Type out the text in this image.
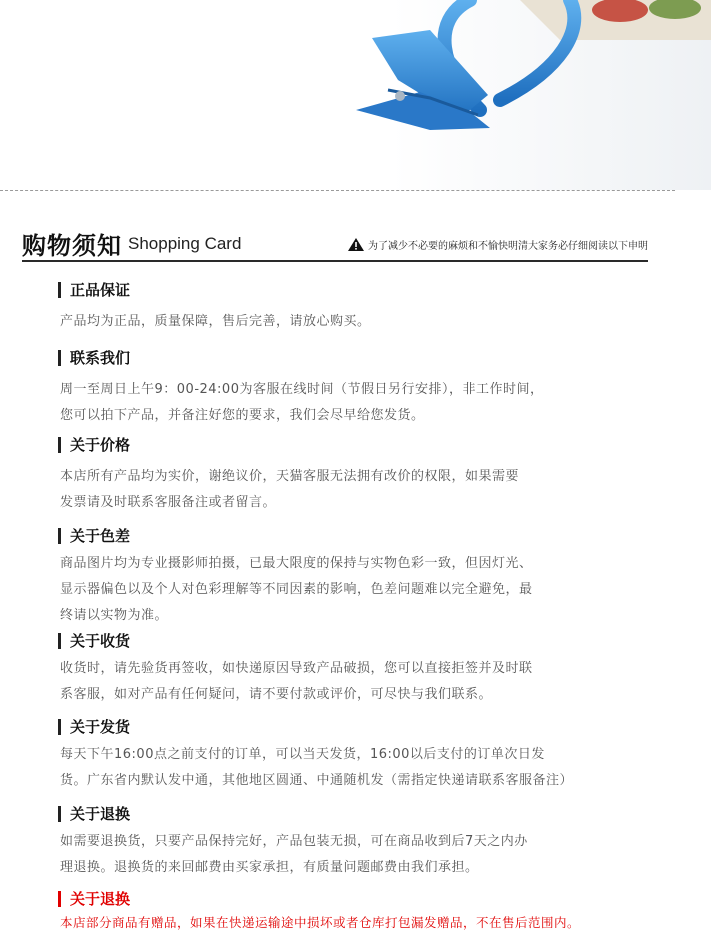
购物须知 Shopping Card	为了减少不必要的麻烦和不愉快明清大家务必仔细阅读以下申明
正品保证

产品均为正品，质量保障，售后完善，请放心购买。

联系我们

周一至周日上午9：00-24:00为客服在线时间（节假日另行安排），非工作时间，

您可以拍下产品，并备注好您的要求，我们会尽早给您发货。

关于价格

本店所有产品均为实价，谢绝议价，天猫客服无法拥有改价的权限，如果需要

发票请及时联系客服备注或者留言。

关于色差

商品图片均为专业摄影师拍摄，已最大限度的保持与实物色彩一致，但因灯光、

显示器偏色以及个人对色彩理解等不同因素的影响，色差问题难以完全避免，最

终请以实物为准。

关于收货

收货时，请先验货再签收，如快递原因导致产品破损，您可以直接拒签并及时联

系客服，如对产品有任何疑问，请不要付款或评价，可尽快与我们联系。

关于发货

每天下午16:00点之前支付的订单，可以当天发货，16:00以后支付的订单次日发

货。广东省内默认发中通，其他地区圆通、中通随机发（需指定快递请联系客服备注）

关于退换

如需要退换货，只要产品保持完好，产品包装无损，可在商品收到后7天之内办

理退换。退换货的来回邮费由买家承担，有质量问题邮费由我们承担。

关于退换

本店部分商品有赠品，如果在快递运输途中损坏或者仓库打包漏发赠品，不在售后范围内。
